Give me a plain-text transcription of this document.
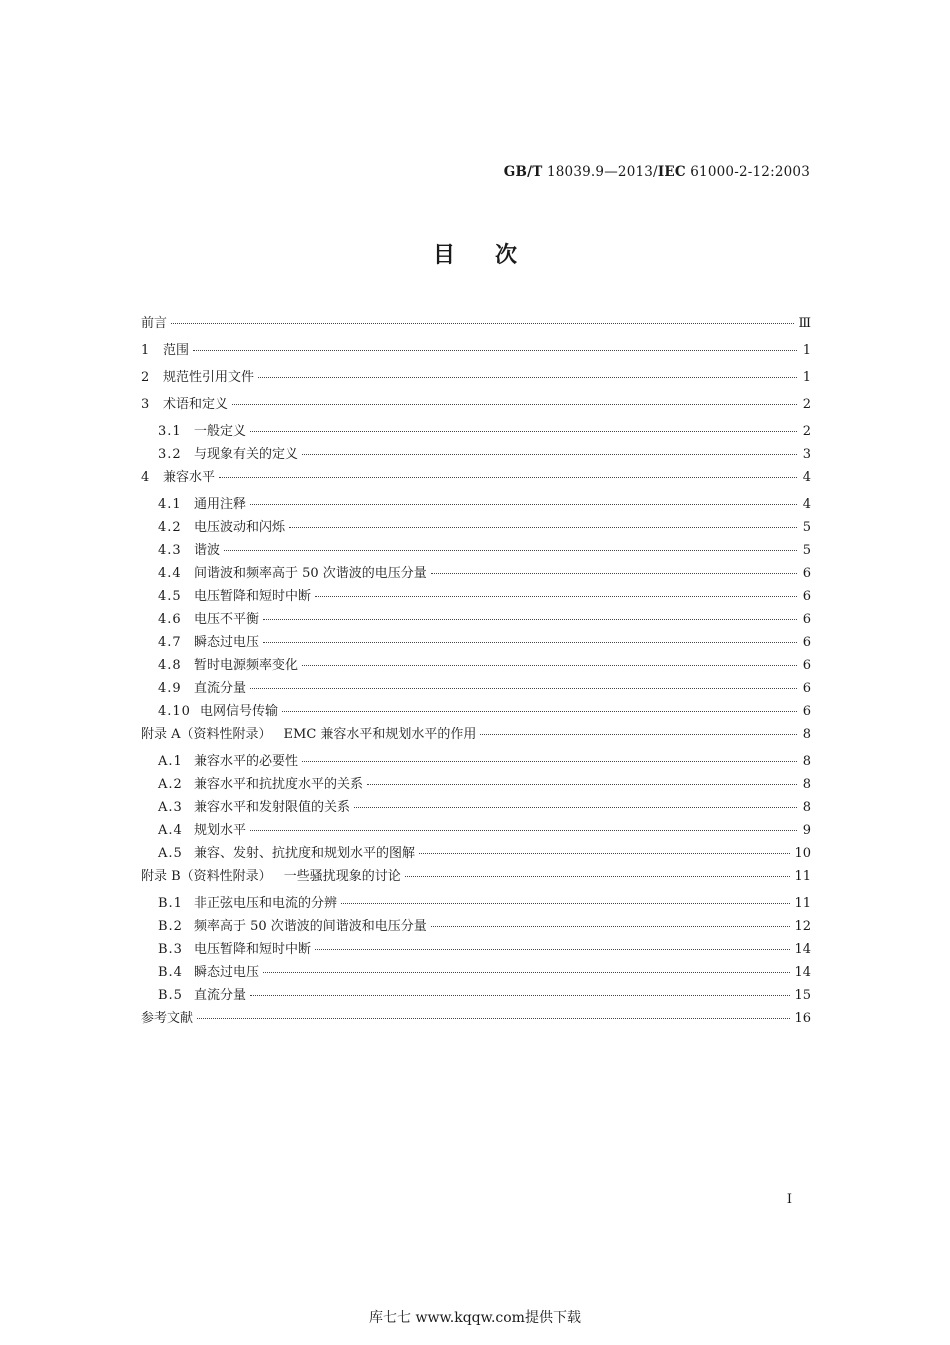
GB/T 18039.9—2013/IEC 61000-2-12:2003
目次
前言	Ⅲ
1	范围	1
2	规范性引用文件	1
3	术语和定义	2
3.1 一般定义	2
3.2 与现象有关的定义	3
4	兼容水平	4
4.1 通用注释	4
4.2 电压波动和闪烁	5
4.3 谐波	5
4.4 间谐波和频率高于 50 次谐波的电压分量	6
4.5 电压暂降和短时中断	6
4.6 电压不平衡	6
4.7 瞬态过电压	6
4.8 暂时电源频率变化	6
4.9 直流分量	6
4.10 电网信号传输	6
附录 A（资料性附录） EMC 兼容水平和规划水平的作用	8
A.1 兼容水平的必要性	8
A.2 兼容水平和抗扰度水平的关系	8
A.3 兼容水平和发射限值的关系	8
A.4 规划水平	9
A.5 兼容、发射、抗扰度和规划水平的图解	10
附录 B（资料性附录） 一些骚扰现象的讨论	11
B.1 非正弦电压和电流的分辨	11
B.2 频率高于 50 次谐波的间谐波和电压分量	12
B.3 电压暂降和短时中断	14
B.4 瞬态过电压	14
B.5 直流分量	15
参考文献	16
I
库七七 www.kqqw.com提供下载
